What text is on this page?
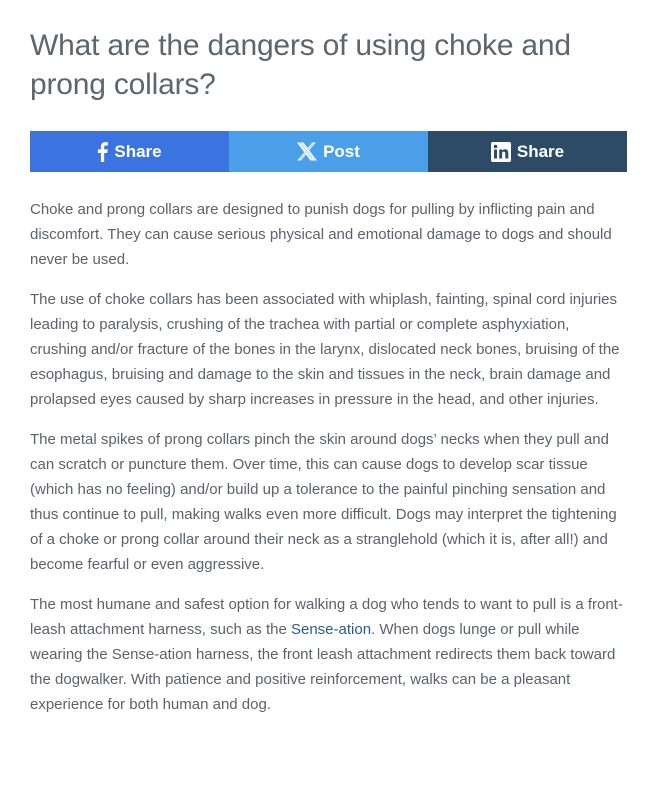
What are the dangers of using choke and prong collars?
Share	Post	Share

Choke and prong collars are designed to punish dogs for pulling by inflicting pain and discomfort. They can cause serious physical and emotional damage to dogs and should never be used.

The use of choke collars has been associated with whiplash, fainting, spinal cord injuries leading to paralysis, crushing of the trachea with partial or complete asphyxiation, crushing and/or fracture of the bones in the larynx, dislocated neck bones, bruising of the esophagus, bruising and damage to the skin and tissues in the neck, brain damage and prolapsed eyes caused by sharp increases in pressure in the head, and other injuries.

The metal spikes of prong collars pinch the skin around dogs’ necks when they pull and can scratch or puncture them. Over time, this can cause dogs to develop scar tissue (which has no feeling) and/or build up a tolerance to the painful pinching sensation and thus continue to pull, making walks even more difficult. Dogs may interpret the tightening of a choke or prong collar around their neck as a stranglehold (which it is, after all!) and become fearful or even aggressive.

The most humane and safest option for walking a dog who tends to want to pull is a front-leash attachment harness, such as the Sense-ation. When dogs lunge or pull while wearing the Sense-ation harness, the front leash attachment redirects them back toward the dogwalker. With patience and positive reinforcement, walks can be a pleasant experience for both human and dog.
